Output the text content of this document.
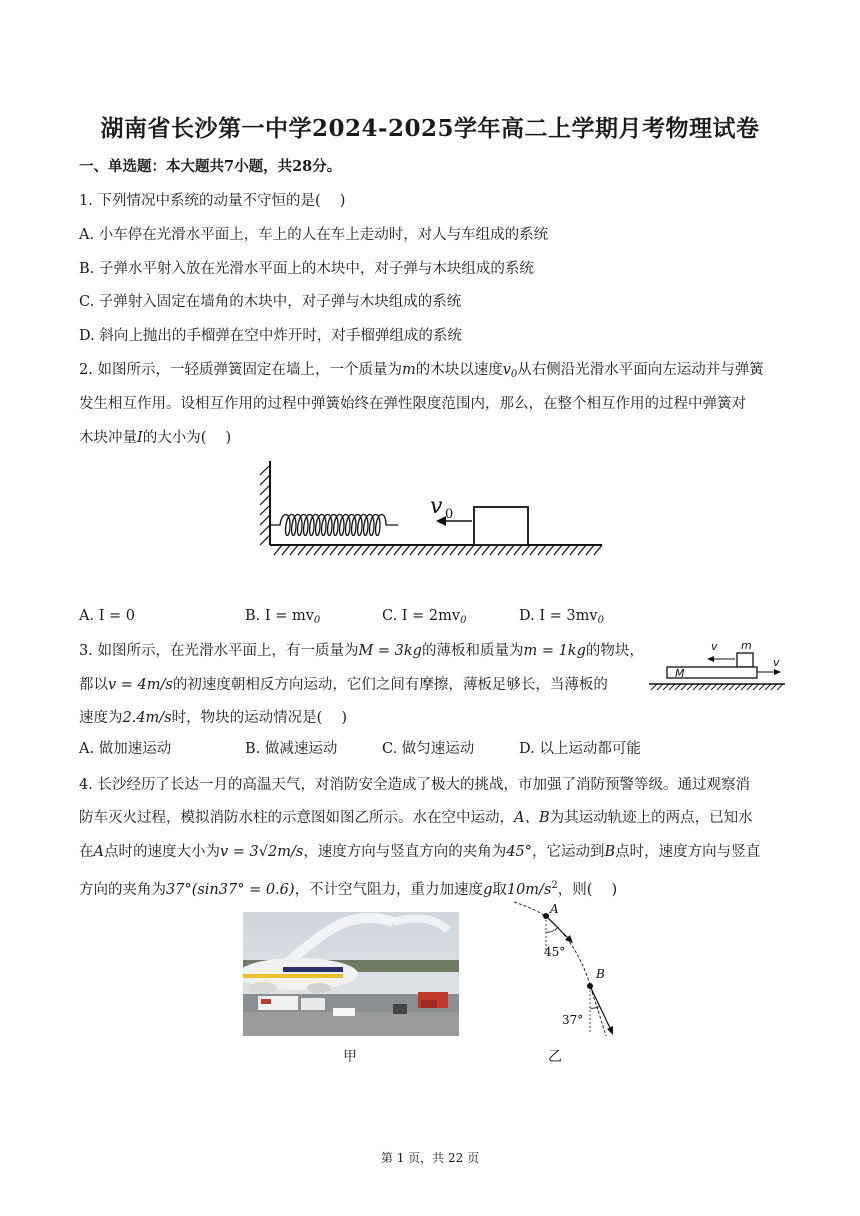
湖南省长沙第一中学2024-2025学年高二上学期月考物理试卷
一、单选题：本大题共7小题，共28分。
1. 下列情况中系统的动量不守恒的是(　 )
A. 小车停在光滑水平面上，车上的人在车上走动时，对人与车组成的系统
B. 子弹水平射入放在光滑水平面上的木块中，对子弹与木块组成的系统
C. 子弹射入固定在墙角的木块中，对子弹与木块组成的系统
D. 斜向上抛出的手榴弹在空中炸开时，对手榴弹组成的系统
2. 如图所示，一轻质弹簧固定在墙上，一个质量为m的木块以速度$v_0$从右侧沿光滑水平面向左运动并与弹簧
发生相互作用。设相互作用的过程中弹簧始终在弹性限度范围内，那么，在整个相互作用的过程中弹簧对
木块冲量I的大小为(　 )
v 0
A. I = 0	B. $I = mv_0$	C. $I = 2mv_0$	D. $I = 3mv_0$
3. 如图所示，在光滑水平面上，有一质量为M = 3kg的薄板和质量为m = 1kg的物块，
都以v = 4m/s的初速度朝相反方向运动，它们之间有摩擦，薄板足够长，当薄板的
速度为2.4m/s时，物块的运动情况是(　 )
m
v
M
v
A. 做加速运动	B. 做减速运动	C. 做匀速运动	D. 以上运动都可能
4. 长沙经历了长达一月的高温天气，对消防安全造成了极大的挑战，市加强了消防预警等级。通过观察消
防车灭火过程，模拟消防水柱的示意图如图乙所示。水在空中运动，A、B为其运动轨迹上的两点，已知水
在A点时的速度大小为v = 3√2m/s，速度方向与竖直方向的夹角为45°，它运动到B点时，速度方向与竖直
方向的夹角为37°(sin37° = 0.6)，不计空气阻力，重力加速度g取$10m/s^2$，则(　 )
甲
A
45°
B
37°
乙
第 1 页，共 22 页
